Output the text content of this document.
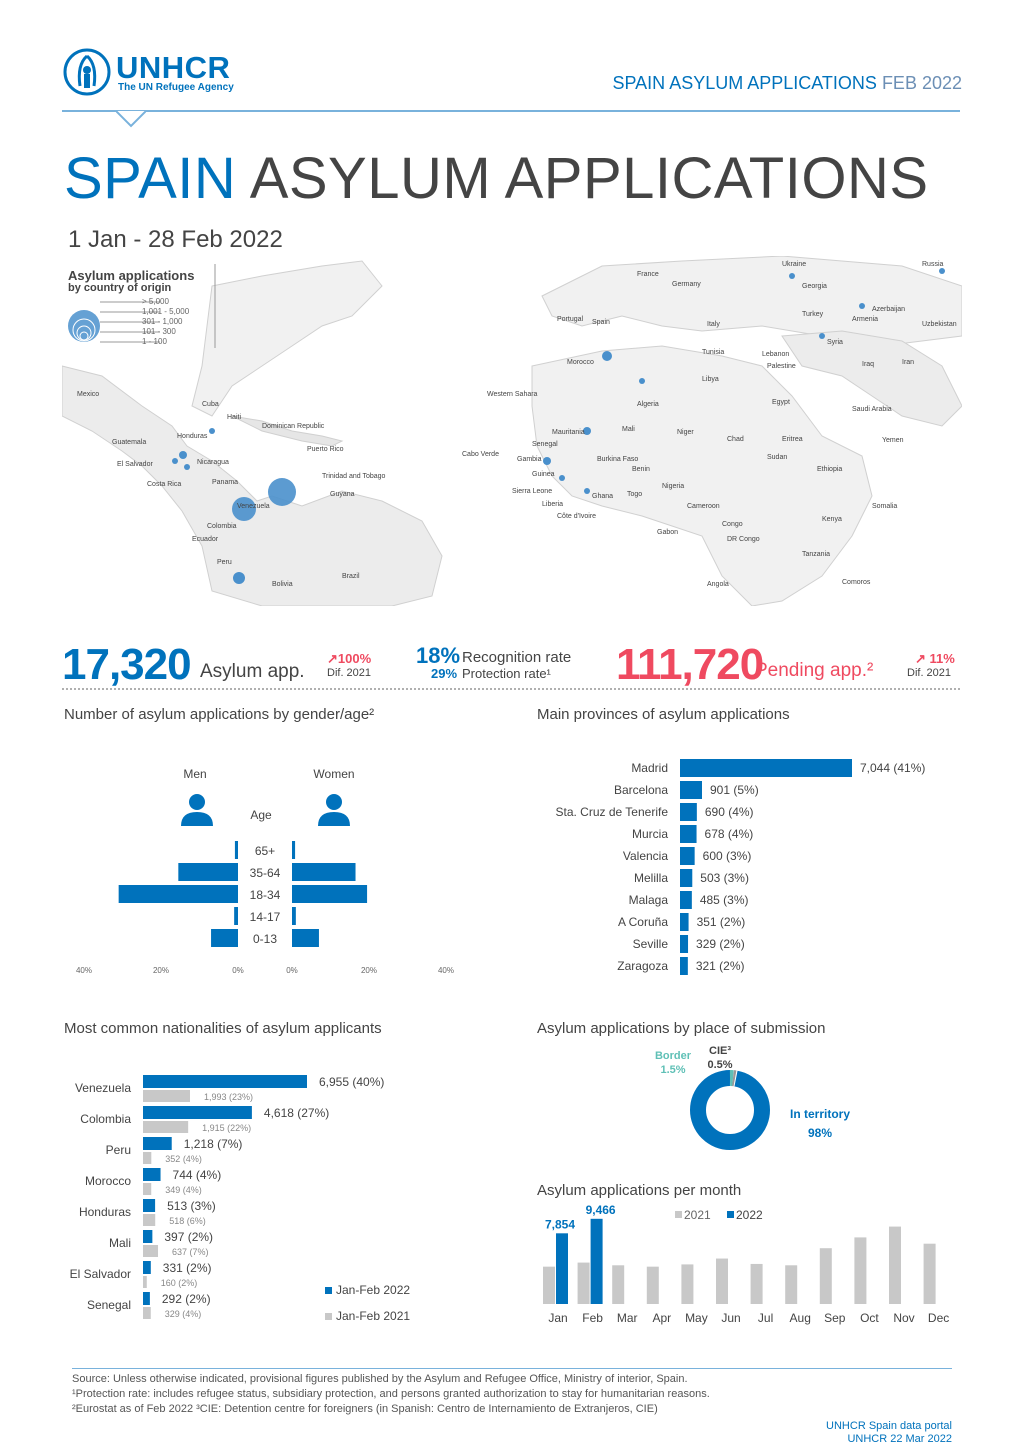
UNHCR
The UN Refugee Agency	SPAIN ASYLUM APPLICATIONS FEB 2022
SPAIN ASYLUM APPLICATIONS
1 Jan - 28 Feb 2022
> 5,000
1,001 - 5,000
301 - 1,000
101 - 300
1 - 100
Mexico
Cuba
Haiti
Dominican Republic
Honduras
Guatemala
El Salvador	Nicaragua
Panama
Costa Rica
Venezuela
Colombia
Ecuador
Peru
Bolivia
Brazil
Guyana
Trinidad and Tobago
Puerto Rico
Portugal Spain
France
Germany
Italy
Morocco
Algeria
Tunisia
Libya
Egypt
Mauritania	Mali	Niger
Chad
Sudan
Senegal
Gambia
Guinea
Sierra Leone
Liberia
Côte d'Ivoire
Ghana Togo
Nigeria
Cameroon	Somalia
Kenya
Ethiopia
Eritrea
Georgia
Armenia
Turkey
Syria
Iraq	Iran
Lebanon
Palestine
Yemen
Saudi Arabia
Ukraine	Russia
Azerbaijan
Uzbekistan
Cabo Verde
Western Sahara
Comoros
Burkina Faso
Benin
Gabon
Congo
DR Congo
Angola
Tanzania
Asylum applications
by country of origin
17,320 Asylum app.
↗100%
Dif. 2021
18% Recognition rate
29% Protection rate¹ 111,720
Pending app.²
↗ 11%
Dif. 2021
Number of asylum applications by gender/age²	Main provinces of asylum applications
Most common nationalities of asylum applicants	Asylum applications by place of submission
Asylum applications per month
Men	Women
Age
65+
35-64
18-34
14-17
0-13
40%	20%	0%	0%	20%	40%
Madrid	7,044 (41%)
Barcelona	901 (5%)
Sta. Cruz de Tenerife	690 (4%)
Murcia	678 (4%)
Valencia	600 (3%)
Melilla	503 (3%)
Malaga	485 (3%)
A Coruña 351 (2%)
Seville 329 (2%)
Zaragoza 321 (2%)
Venezuela	6,955 (40%)
1,993 (23%)
Colombia	4,618 (27%)
1,915 (22%)
Peru	1,218 (7%)
352 (4%)
Morocco	744 (4%)
349 (4%)
Honduras	513 (3%)
518 (6%)
Mali	397 (2%)
637 (7%)
El Salvador	331 (2%)
160 (2%)
Senegal	292 (2%)
329 (4%)
Jan-Feb 2022
Jan-Feb 2021
Border
1.5%
CIE³
0.5%
In territory
98%
2021 2022
7,854
Jan
9,466
Feb Mar Apr May Jun Jul Aug Sep Oct Nov Dec
Source: Unless otherwise indicated, provisional figures published by the Asylum and Refugee Office, Ministry of interior, Spain.
¹Protection rate: includes refugee status, subsidiary protection, and persons granted authorization to stay for humanitarian reasons.
²Eurostat as of Feb 2022 ³CIE: Detention centre for foreigners (in Spanish: Centro de Internamiento de Extranjeros, CIE)
UNHCR Spain data portal
UNHCR 22 Mar 2022
